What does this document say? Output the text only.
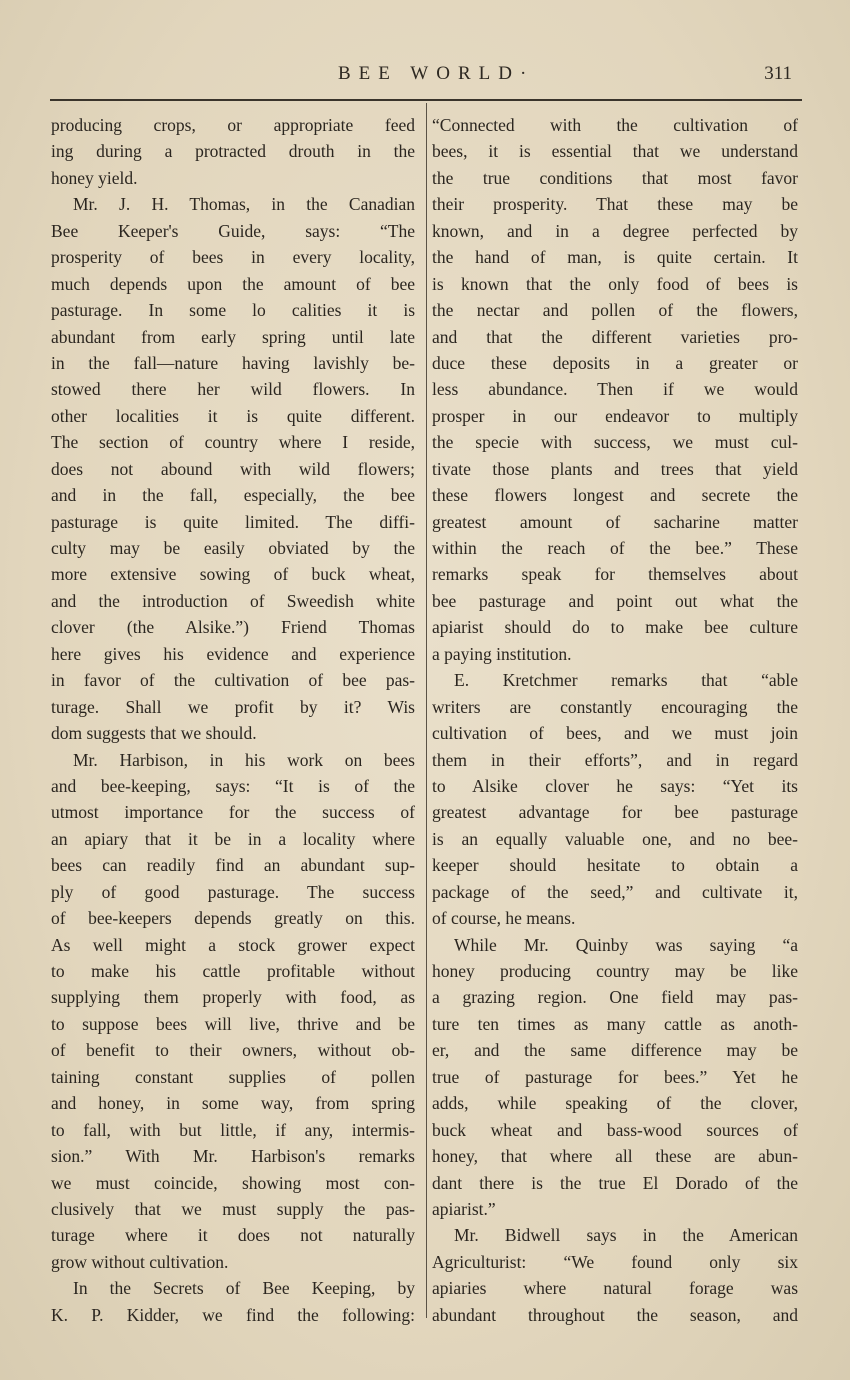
BEE WORLD·	311
producing crops, or appropriate feed
ing during a protracted drouth in the
honey yield.
Mr. J. H. Thomas, in the Canadian
Bee Keeper's Guide, says: “The
prosperity of bees in every locality,
much depends upon the amount of bee
pasturage. In some lo calities it is
abundant from early spring until late
in the fall—nature having lavishly be-
stowed there her wild flowers. In
other localities it is quite different.
The section of country where I reside,
does not abound with wild flowers;
and in the fall, especially, the bee
pasturage is quite limited. The diffi-
culty may be easily obviated by the
more extensive sowing of buck wheat,
and the introduction of Sweedish white
clover (the Alsike.”) Friend Thomas
here gives his evidence and experience
in favor of the cultivation of bee pas-
turage. Shall we profit by it? Wis
dom suggests that we should.
Mr. Harbison, in his work on bees
and bee-keeping, says: “It is of the
utmost importance for the success of
an apiary that it be in a locality where
bees can readily find an abundant sup-
ply of good pasturage. The success
of bee-keepers depends greatly on this.
As well might a stock grower expect
to make his cattle profitable without
supplying them properly with food, as
to suppose bees will live, thrive and be
of benefit to their owners, without ob-
taining constant supplies of pollen
and honey, in some way, from spring
to fall, with but little, if any, intermis-
sion.” With Mr. Harbison's remarks
we must coincide, showing most con-
clusively that we must supply the pas-
turage where it does not naturally
grow without cultivation.
In the Secrets of Bee Keeping, by
K. P. Kidder, we find the following:
“Connected with the cultivation of
bees, it is essential that we understand
the true conditions that most favor
their prosperity. That these may be
known, and in a degree perfected by
the hand of man, is quite certain. It
is known that the only food of bees is
the nectar and pollen of the flowers,
and that the different varieties pro-
duce these deposits in a greater or
less abundance. Then if we would
prosper in our endeavor to multiply
the specie with success, we must cul-
tivate those plants and trees that yield
these flowers longest and secrete the
greatest amount of sacharine matter
within the reach of the bee.” These
remarks speak for themselves about
bee pasturage and point out what the
apiarist should do to make bee culture
a paying institution.
E. Kretchmer remarks that “able
writers are constantly encouraging the
cultivation of bees, and we must join
them in their efforts”, and in regard
to Alsike clover he says: “Yet its
greatest advantage for bee pasturage
is an equally valuable one, and no bee-
keeper should hesitate to obtain a
package of the seed,” and cultivate it,
of course, he means.
While Mr. Quinby was saying “a
honey producing country may be like
a grazing region. One field may pas-
ture ten times as many cattle as anoth-
er, and the same difference may be
true of pasturage for bees.” Yet he
adds, while speaking of the clover,
buck wheat and bass-wood sources of
honey, that where all these are abun-
dant there is the true El Dorado of the
apiarist.”
Mr. Bidwell says in the American
Agriculturist: “We found only six
apiaries where natural forage was
abundant throughout the season, and
